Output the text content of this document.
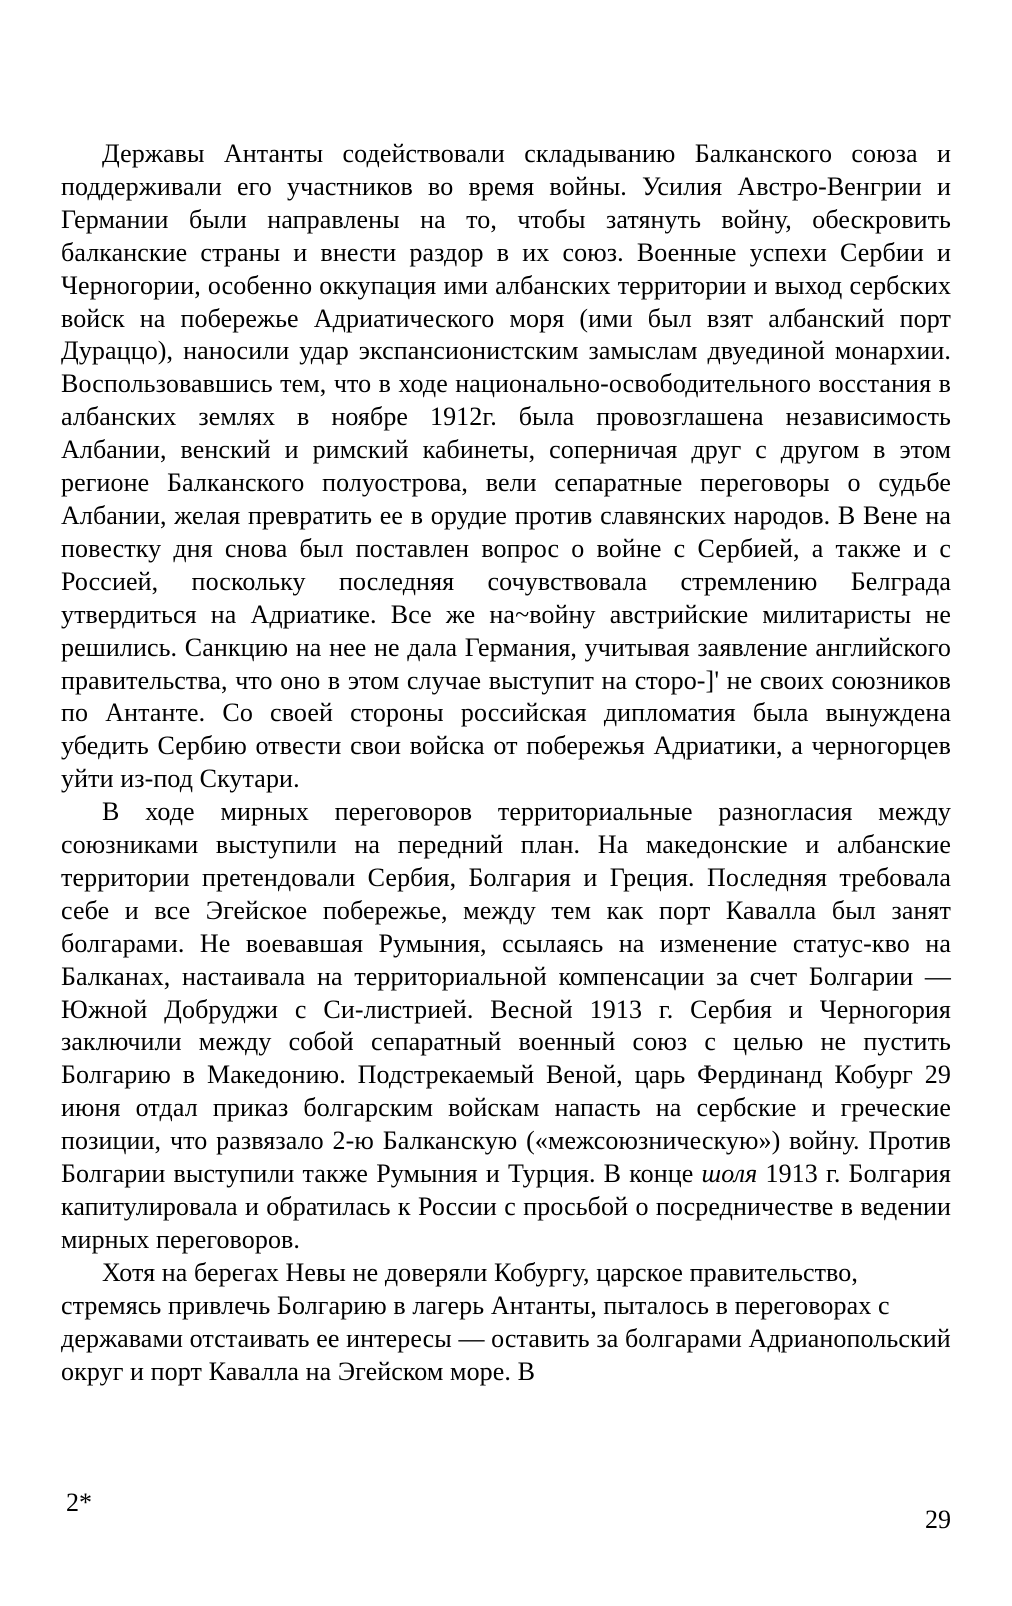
Державы Антанты содействовали складыванию Балканского союза и поддерживали его участников во время войны. Усилия Австро-Венгрии и Германии были направлены на то, чтобы затянуть войну, обескровить балканские страны и внести раздор в их союз. Военные успехи Сербии и Черногории, особенно оккупация ими албанских территории и выход сербских войск на побережье Адриатического моря (ими был взят албанский порт Дураццо), наносили удар экспансионистским замыслам двуединой монархии. Воспользовавшись тем, что в ходе национально-освободительного восстания в албанских землях в ноябре 1912г. была провозглашена независимость Албании, венский и римский кабинеты, соперничая друг с другом в этом регионе Балканского полуострова, вели сепаратные переговоры о судьбе Албании, желая превратить ее в орудие против славянских народов. В Вене на повестку дня снова был поставлен вопрос о войне с Сербией, а также и с Россией, поскольку последняя сочувствовала стремлению Белграда утвердиться на Адриатике. Все же на~войну австрийские милитаристы не решились. Санкцию на нее не дала Германия, учитывая заявление английского правительства, что оно в этом случае выступит на сторо-]' не своих союзников по Антанте. Со своей стороны российская дипломатия была вынуждена убедить Сербию отвести свои войска от побережья Адриатики, а черногорцев уйти из-под Скутари.

В ходе мирных переговоров территориальные разногласия между союзниками выступили на передний план. На македонские и албанские территории претендовали Сербия, Болгария и Греция. Последняя требовала себе и все Эгейское побережье, между тем как порт Кавалла был занят болгарами. Не воевавшая Румыния, ссылаясь на изменение статус-кво на Балканах, настаивала на территориальной компенсации за счет Болгарии — Южной Добруджи с Си-листрией. Весной 1913 г. Сербия и Черногория заключили между собой сепаратный военный союз с целью не пустить Болгарию в Македонию. Подстрекаемый Веной, царь Фердинанд Кобург 29 июня отдал приказ болгарским войскам напасть на сербские и греческие позиции, что развязало 2-ю Балканскую («межсоюзническую») войну. Против Болгарии выступили также Румыния и Турция. В конце шоля 1913 г. Болгария капитулировала и обратилась к России с просьбой о посредничестве в ведении мирных переговоров.

Хотя на берегах Невы не доверяли Кобургу, царское правительство, стремясь привлечь Болгарию в лагерь Антанты, пыталось в переговорах с державами отстаивать ее интересы — оставить за болгарами Адрианопольский округ и порт Кавалла на Эгейском море. В

2*
29
